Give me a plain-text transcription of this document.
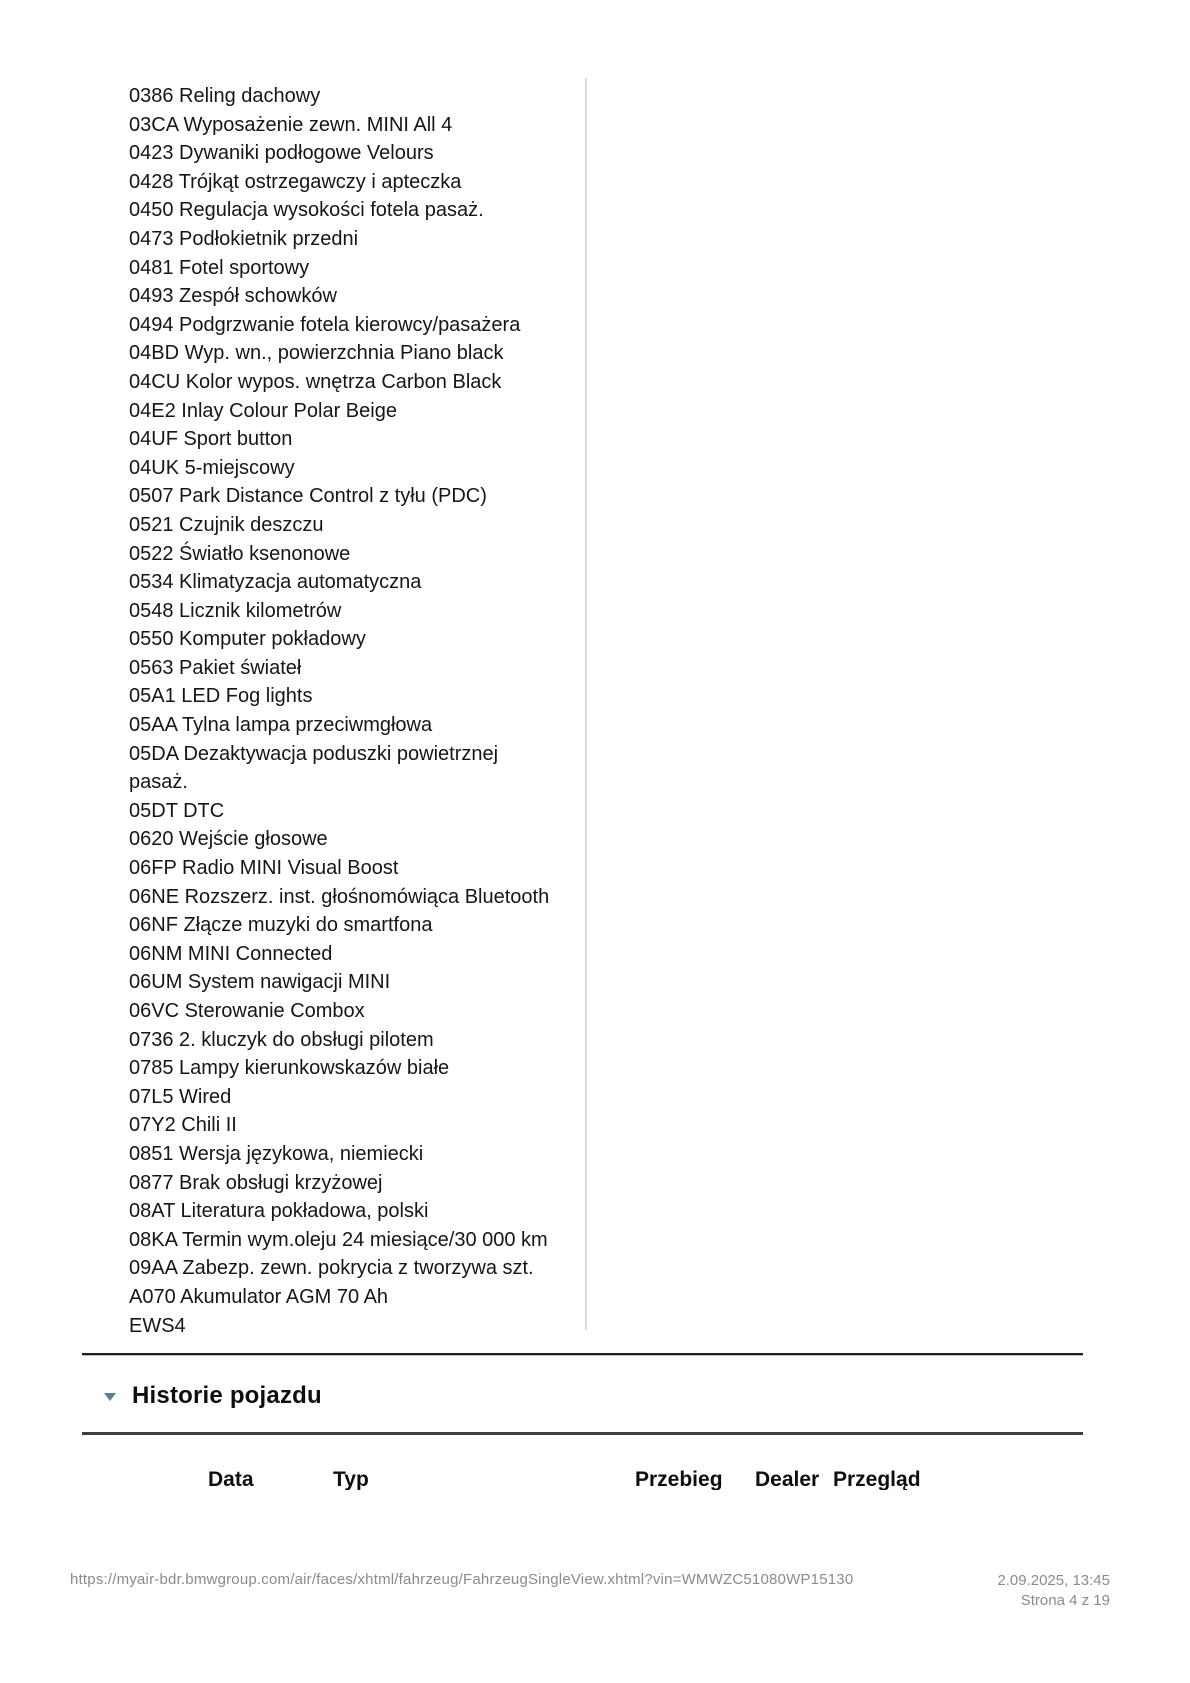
0386 Reling dachowy
03CA Wyposażenie zewn. MINI All 4
0423 Dywaniki podłogowe Velours
0428 Trójkąt ostrzegawczy i apteczka
0450 Regulacja wysokości fotela pasaż.
0473 Podłokietnik przedni
0481 Fotel sportowy
0493 Zespół schowków
0494 Podgrzwanie fotela kierowcy/pasażera
04BD Wyp. wn., powierzchnia Piano black
04CU Kolor wypos. wnętrza Carbon Black
04E2 Inlay Colour Polar Beige
04UF Sport button
04UK 5-miejscowy
0507 Park Distance Control z tyłu (PDC)
0521 Czujnik deszczu
0522 Światło ksenonowe
0534 Klimatyzacja automatyczna
0548 Licznik kilometrów
0550 Komputer pokładowy
0563 Pakiet świateł
05A1 LED Fog lights
05AA Tylna lampa przeciwmgłowa
05DA Dezaktywacja poduszki powietrznej
pasaż.
05DT DTC
0620 Wejście głosowe
06FP Radio MINI Visual Boost
06NE Rozszerz. inst. głośnomówiąca Bluetooth
06NF Złącze muzyki do smartfona
06NM MINI Connected
06UM System nawigacji MINI
06VC Sterowanie Combox
0736 2. kluczyk do obsługi pilotem
0785 Lampy kierunkowskazów białe
07L5 Wired
07Y2 Chili II
0851 Wersja językowa, niemiecki
0877 Brak obsługi krzyżowej
08AT Literatura pokładowa, polski
08KA Termin wym.oleju 24 miesiące/30 000 km
09AA Zabezp. zewn. pokrycia z tworzywa szt.
A070 Akumulator AGM 70 Ah
EWS4
Historie pojazdu
Data	Typ	Przebieg Dealer Przegląd
https://myair-bdr.bmwgroup.com/air/faces/xhtml/fahrzeug/FahrzeugSingleView.xhtml?vin=WMWZC51080WP15130	2.09.2025, 13:45
Strona 4 z 19
